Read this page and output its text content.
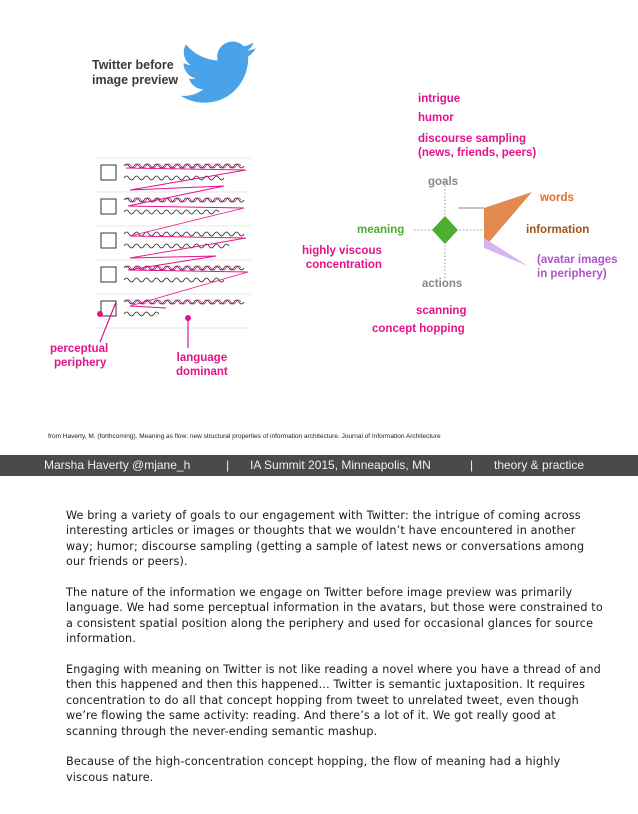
Twitter before
image preview
perceptual
periphery	language
dominant
intrigue
humor
discourse sampling
(news, friends, peers)
goals
meaning
highly viscous
concentration
actions
scanning
concept hopping
words
information
(avatar images
in periphery)
from Haverty, M. (forthcoming). Meaning as flow: new structural properties of information architecture. Journal of Information Architecture
Marsha Haverty @mjane_h	| IA Summit 2015, Minneapolis, MN	| theory & practice

We bring a variety of goals to our engagement with Twitter: the intrigue of coming across interesting articles or images or thoughts that we wouldn’t have encountered in another way; humor; discourse sampling (getting a sample of latest news or conversations among our friends or peers).

The nature of the information we engage on Twitter before image preview was primarily language. We had some perceptual information in the avatars, but those were constrained to a consistent spatial position along the periphery and used for occasional glances for source information.

Engaging with meaning on Twitter is not like reading a novel where you have a thread of and then this happened and then this happened… Twitter is semantic juxtaposition. It requires concentration to do all that concept hopping from tweet to unrelated tweet, even though we’re flowing the same activity: reading. And there’s a lot of it. We got really good at scanning through the never-ending semantic mashup.

Because of the high-concentration concept hopping, the flow of meaning had a highly viscous nature.
